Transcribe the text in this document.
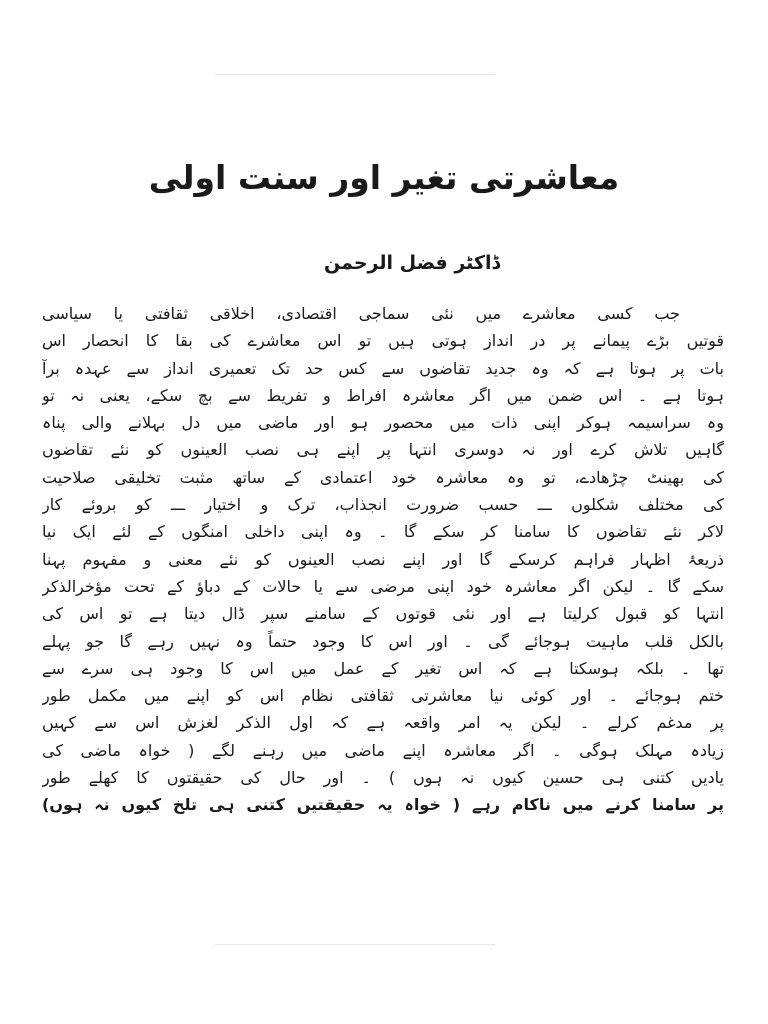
معاشرتی تغیر اور سنت اولی
ڈاکٹر فضل الرحمن
جب کسی معاشرے میں نئی سماجی اقتصادی، اخلاقی ثقافتی یا سیاسی
قوتیں بڑے پیمانے پر در انداز ہوتی ہیں تو اس معاشرے کی بقا کا انحصار اس
بات پر ہوتا ہے کہ وہ جدید تقاضوں سے کس حد تک تعمیری انداز سے عہدہ برآ
ہوتا ہے ۔ اس ضمن میں اگر معاشرہ افراط و تفریط سے بچ سکے، یعنی نہ تو
وہ سراسیمہ ہوکر اپنی ذات میں محصور ہو اور ماضی میں دل بہلانے والی پناہ
گاہیں تلاش کرے اور نہ دوسری انتہا پر اپنے ہی نصب العینوں کو نئے تقاضوں
کی بھینٹ چڑھادے، تو وہ معاشرہ خود اعتمادی کے ساتھ مثبت تخلیقی صلاحیت
کی مختلف شکلوں ـــ حسب ضرورت انجذاب، ترک و اختیار ـــ کو بروئے کار
لاکر نئے تقاضوں کا سامنا کر سکے گا ۔ وہ اپنی داخلی امنگوں کے لئے ایک نیا
ذریعۂ اظہار فراہم کرسکے گا اور اپنے نصب العینوں کو نئے معنی و مفہوم پہنا
سکے گا ۔ لیکن اگر معاشرہ خود اپنی مرضی سے یا حالات کے دباؤ کے تحت مؤخرالذکر
انتہا کو قبول کرلیتا ہے اور نئی قوتوں کے سامنے سپر ڈال دیتا ہے تو اس کی
بالکل قلب ماہیت ہوجائے گی ۔ اور اس کا وجود حتماً وہ نہیں رہے گا جو پہلے
تھا ۔ بلکہ ہوسکتا ہے کہ اس تغیر کے عمل میں اس کا وجود ہی سرے سے
ختم ہوجائے ۔ اور کوئی نیا معاشرتی ثقافتی نظام اس کو اپنے میں مکمل طور
پر مدغم کرلے ۔ لیکن یہ امر واقعہ ہے کہ اول الذکر لغزش اس سے کہیں
زیادہ مہلک ہوگی ۔ اگر معاشرہ اپنے ماضی میں رہنے لگے ( خواہ ماضی کی
یادیں کتنی ہی حسین کیوں نہ ہوں ) ۔ اور حال کی حقیقتوں کا کھلے طور
پر سامنا کرنے میں ناکام رہے ( خواہ یہ حقیقتیں کتنی ہی تلخ کیوں نہ ہوں)
